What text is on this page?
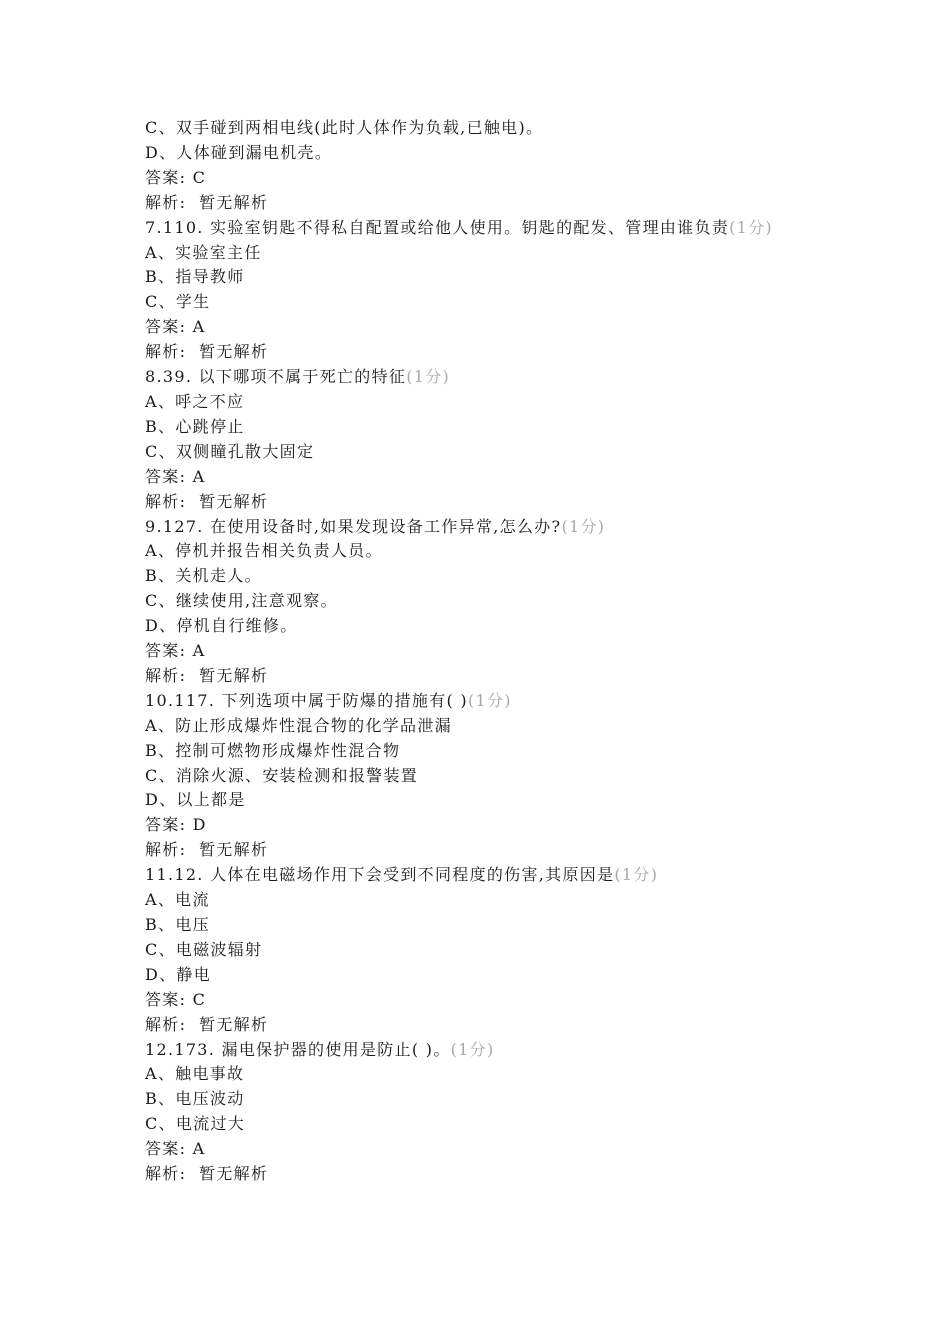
C、双手碰到两相电线(此时人体作为负载,已触电)。
D、人体碰到漏电机壳。
答案: C
解析:  暂无解析
7.110. 实验室钥匙不得私自配置或给他人使用。钥匙的配发、管理由谁负责(1分)
A、实验室主任
B、指导教师
C、学生
答案: A
解析:  暂无解析
8.39. 以下哪项不属于死亡的特征(1分)
A、呼之不应
B、心跳停止
C、双侧瞳孔散大固定
答案: A
解析:  暂无解析
9.127. 在使用设备时,如果发现设备工作异常,怎么办?(1分)
A、停机并报告相关负责人员。
B、关机走人。
C、继续使用,注意观察。
D、停机自行维修。
答案: A
解析:  暂无解析
10.117. 下列选项中属于防爆的措施有( )(1分)
A、防止形成爆炸性混合物的化学品泄漏
B、控制可燃物形成爆炸性混合物
C、消除火源、安装检测和报警装置
D、以上都是
答案: D
解析:  暂无解析
11.12. 人体在电磁场作用下会受到不同程度的伤害,其原因是(1分)
A、电流
B、电压
C、电磁波辐射
D、静电
答案: C
解析:  暂无解析
12.173. 漏电保护器的使用是防止( )。(1分)
A、触电事故
B、电压波动
C、电流过大
答案: A
解析:  暂无解析
